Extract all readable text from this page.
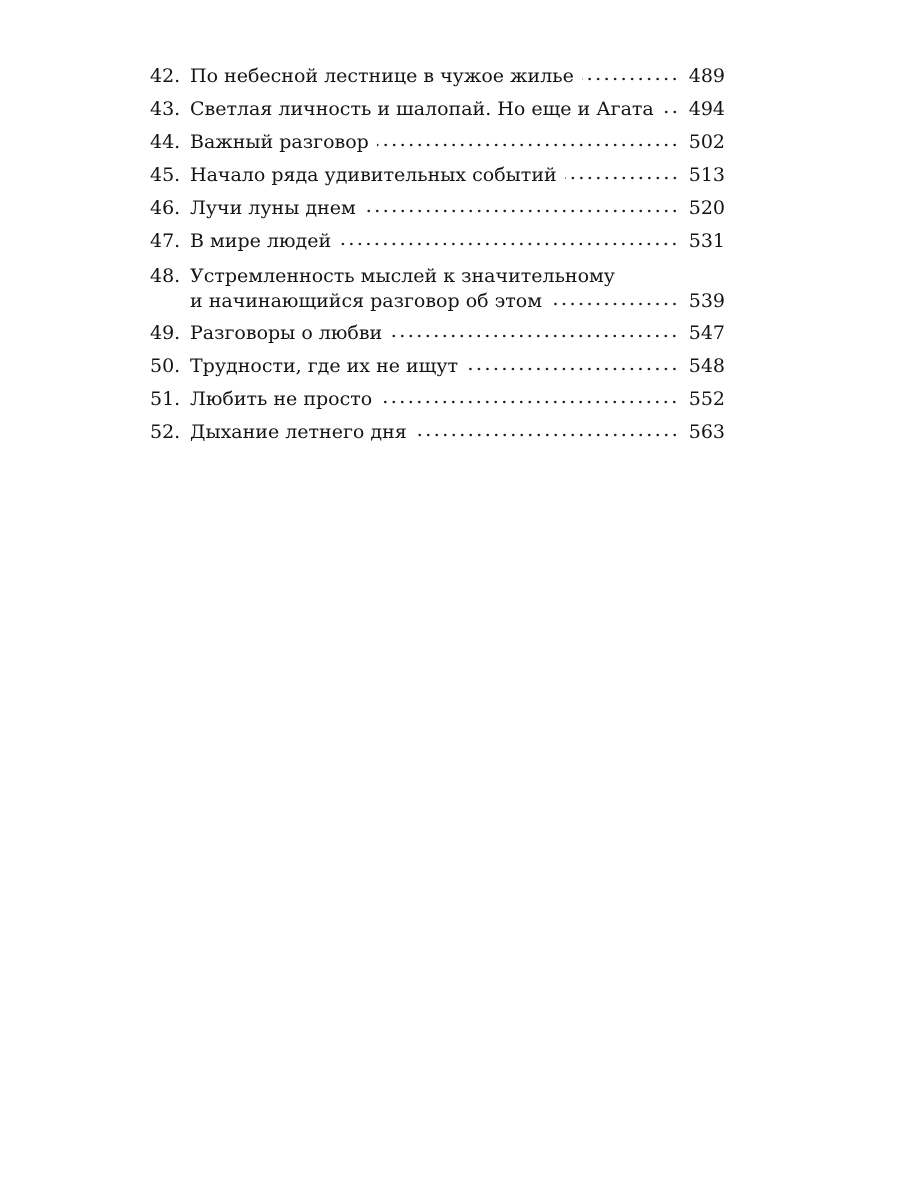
42. По небесной лестнице в чужое жилье	489
43. Светлая личность и шалопай. Но еще и Агата 494
44. Важный разговор	502
45. Начало ряда удивительных событий	513
46. Лучи луны днем	520
47. В мире людей	531
48. Устремленность мыслей к значительному
и начинающийся разговор об этом	539
49. Разговоры о любви	547
50. Трудности, где их не ищут	548
51. Любить не просто	552
52. Дыхание летнего дня	563
